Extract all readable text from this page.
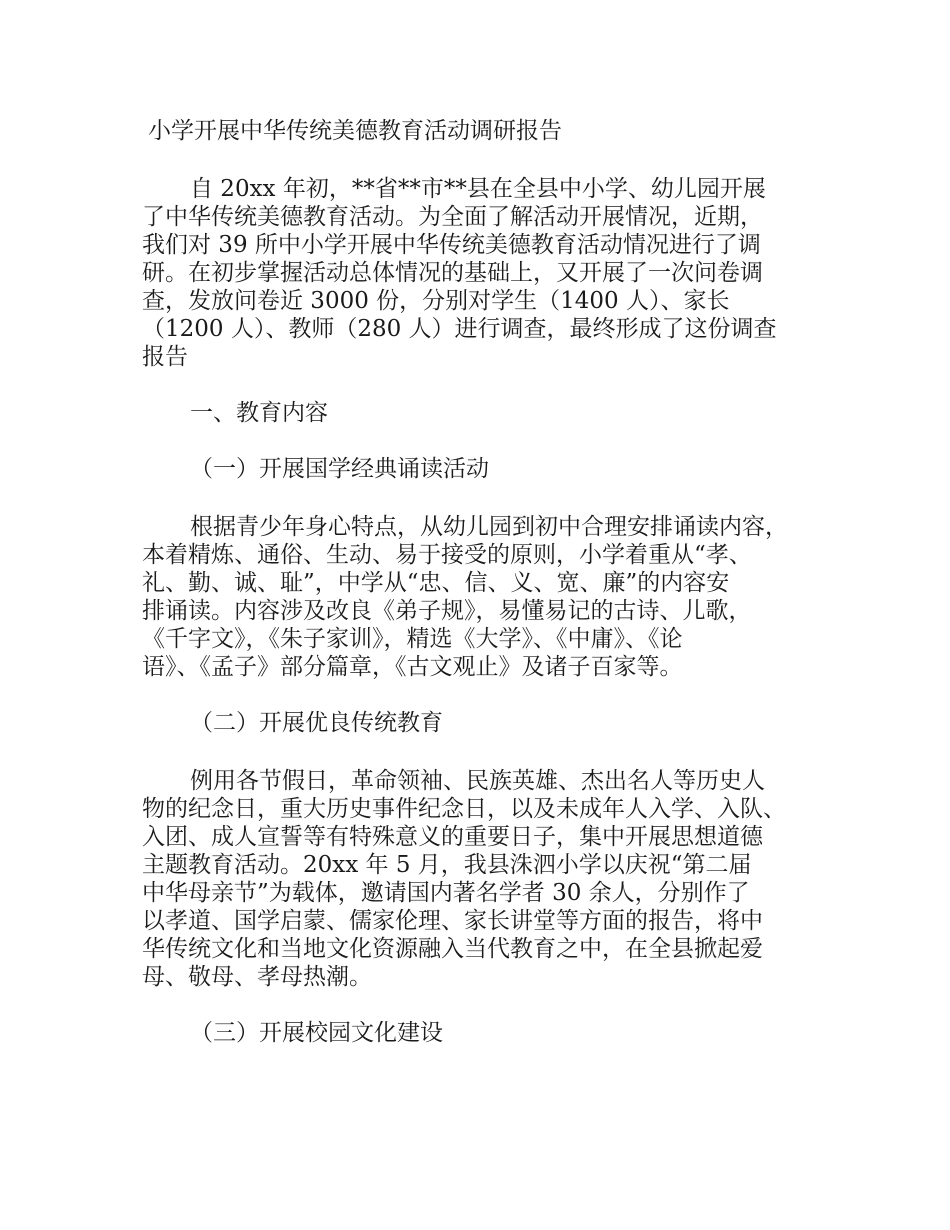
小学开展中华传统美德教育活动调研报告
自 20xx 年初，**省**市**县在全县中小学、幼儿园开展
了中华传统美德教育活动。为全面了解活动开展情况，近期，
我们对 39 所中小学开展中华传统美德教育活动情况进行了调
研。在初步掌握活动总体情况的基础上，又开展了一次问卷调
查，发放问卷近 3000 份，分别对学生（1400 人）、家长
（1200 人）、教师（280 人）进行调查，最终形成了这份调查
报告
一、教育内容
（一）开展国学经典诵读活动
根据青少年身心特点，从幼儿园到初中合理安排诵读内容，
本着精炼、通俗、生动、易于接受的原则，小学着重从“孝、
礼、勤、诚、耻”，中学从“忠、信、义、宽、廉”的内容安
排诵读。内容涉及改良《弟子规》，易懂易记的古诗、儿歌，
《千字文》，《朱子家训》，精选《大学》、《中庸》、《论
语》、《孟子》部分篇章，《古文观止》及诸子百家等。
（二）开展优良传统教育
例用各节假日，革命领袖、民族英雄、杰出名人等历史人
物的纪念日，重大历史事件纪念日，以及未成年人入学、入队、
入团、成人宣誓等有特殊意义的重要日子，集中开展思想道德
主题教育活动。20xx 年 5 月，我县洙泗小学以庆祝“第二届
中华母亲节”为载体，邀请国内著名学者 30 余人，分别作了
以孝道、国学启蒙、儒家伦理、家长讲堂等方面的报告，将中
华传统文化和当地文化资源融入当代教育之中，在全县掀起爱
母、敬母、孝母热潮。
（三）开展校园文化建设
